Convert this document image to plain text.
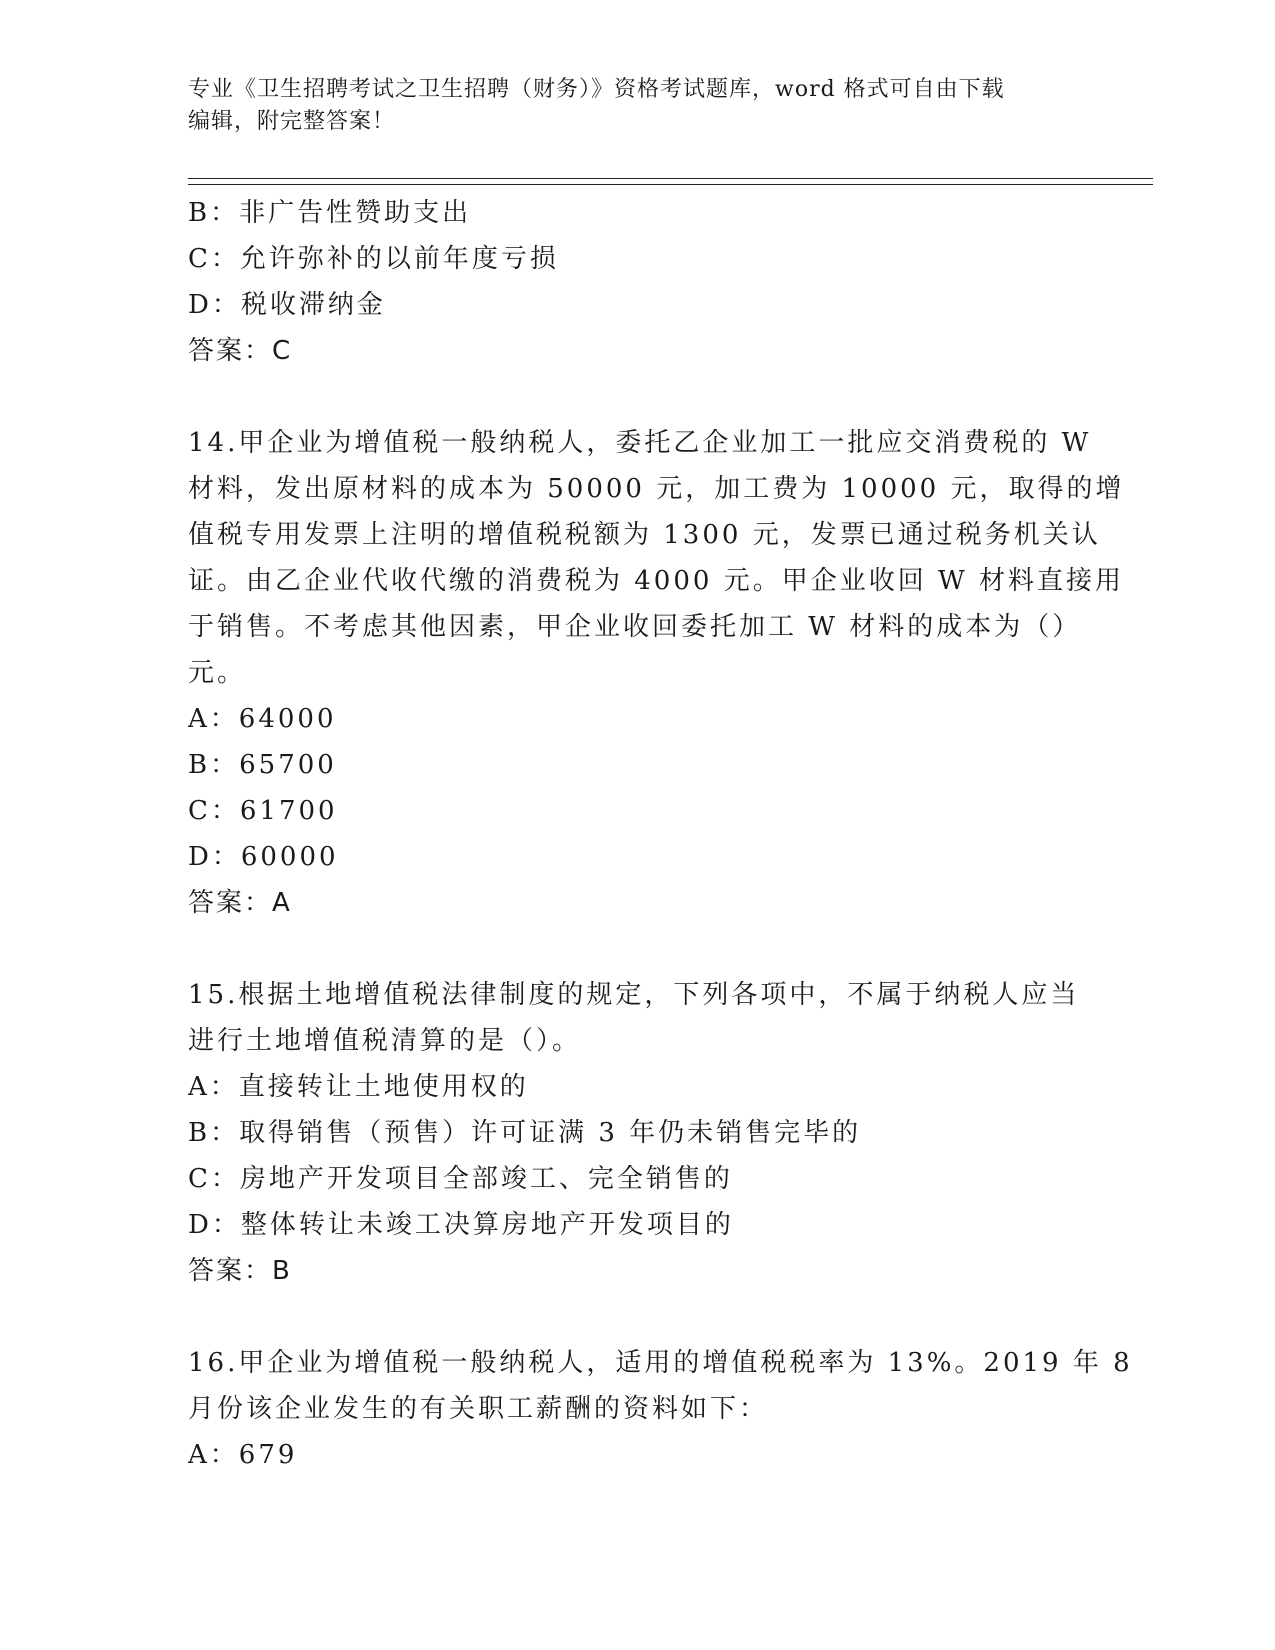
专业《卫生招聘考试之卫生招聘（财务）》资格考试题库，word 格式可自由下载
编辑，附完整答案！
B：非广告性赞助支出
C：允许弥补的以前年度亏损
D：税收滞纳金
答案：C
14.甲企业为增值税一般纳税人，委托乙企业加工一批应交消费税的 W
材料，发出原材料的成本为 50000 元，加工费为 10000 元，取得的增
值税专用发票上注明的增值税税额为 1300 元，发票已通过税务机关认
证。由乙企业代收代缴的消费税为 4000 元。甲企业收回 W 材料直接用
于销售。不考虑其他因素，甲企业收回委托加工 W 材料的成本为（）
元。
A：64000
B：65700
C：61700
D：60000
答案：A
15.根据土地增值税法律制度的规定，下列各项中，不属于纳税人应当
进行土地增值税清算的是（）。
A：直接转让土地使用权的
B：取得销售（预售）许可证满 3 年仍未销售完毕的
C：房地产开发项目全部竣工、完全销售的
D：整体转让未竣工决算房地产开发项目的
答案：B
16.甲企业为增值税一般纳税人，适用的增值税税率为 13%。2019 年 8
月份该企业发生的有关职工薪酬的资料如下：
A：679
